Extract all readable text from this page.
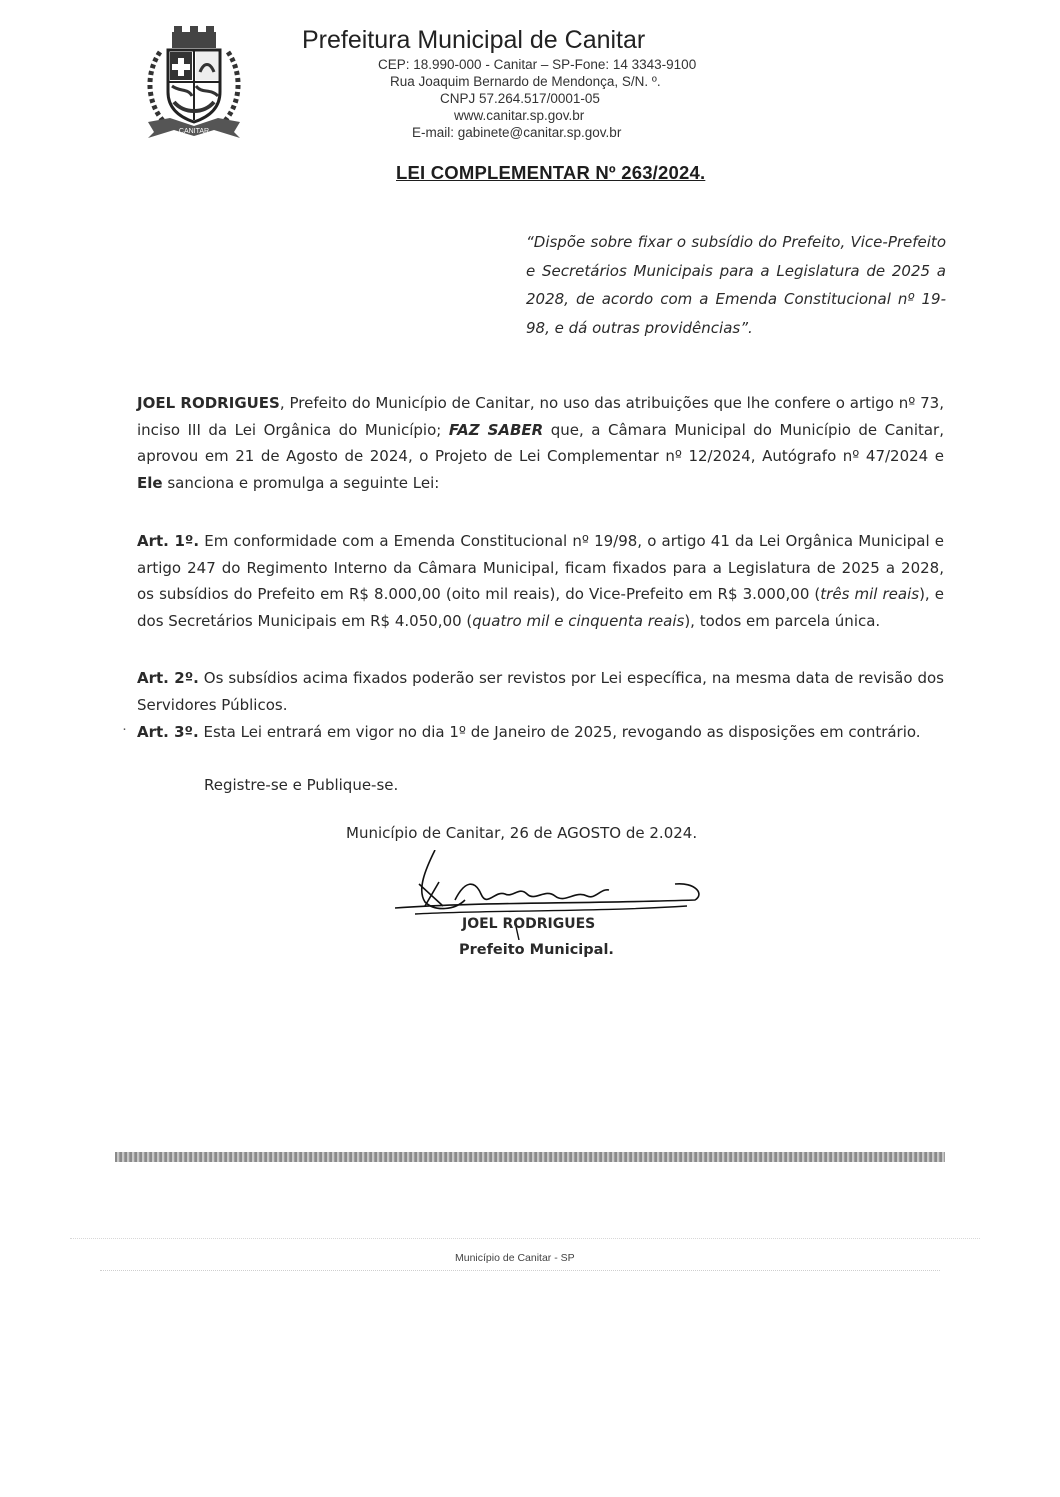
CANITAR
Prefeitura Municipal de Canitar
CEP: 18.990-000 - Canitar – SP-Fone: 14 3343-9100
Rua Joaquim Bernardo de Mendonça, S/N. º.
CNPJ 57.264.517/0001-05
www.canitar.sp.gov.br
E-mail: gabinete@canitar.sp.gov.br
LEI COMPLEMENTAR Nº 263/2024.
“Dispõe sobre fixar o subsídio do Prefeito, Vice-Prefeito e Secretários Municipais para a Legislatura de 2025 a 2028, de acordo com a Emenda Constitucional nº 19-98, e dá outras providências”.
JOEL RODRIGUES, Prefeito do Município de Canitar, no uso das atribuições que lhe confere o artigo nº 73, inciso III da Lei Orgânica do Município; FAZ SABER que, a Câmara Municipal do Município de Canitar, aprovou em 21 de Agosto de 2024, o Projeto de Lei Complementar nº 12/2024, Autógrafo nº 47/2024 e Ele sanciona e promulga a seguinte Lei:
Art. 1º. Em conformidade com a Emenda Constitucional nº 19/98, o artigo 41 da Lei Orgânica Municipal e artigo 247 do Regimento Interno da Câmara Municipal, ficam fixados para a Legislatura de 2025 a 2028, os subsídios do Prefeito em R$ 8.000,00 (oito mil reais), do Vice-Prefeito em R$ 3.000,00 (três mil reais), e dos Secretários Municipais em R$ 4.050,00 (quatro mil e cinquenta reais), todos em parcela única.
Art. 2º. Os subsídios acima fixados poderão ser revistos por Lei específica, na mesma data de revisão dos Servidores Públicos.
· Art. 3º. Esta Lei entrará em vigor no dia 1º de Janeiro de 2025, revogando as disposições em contrário.
Registre-se e Publique-se.
Município de Canitar, 26 de AGOSTO de 2.024.
JOEL RODRIGUES
Prefeito Municipal.
Município de Canitar - SP
